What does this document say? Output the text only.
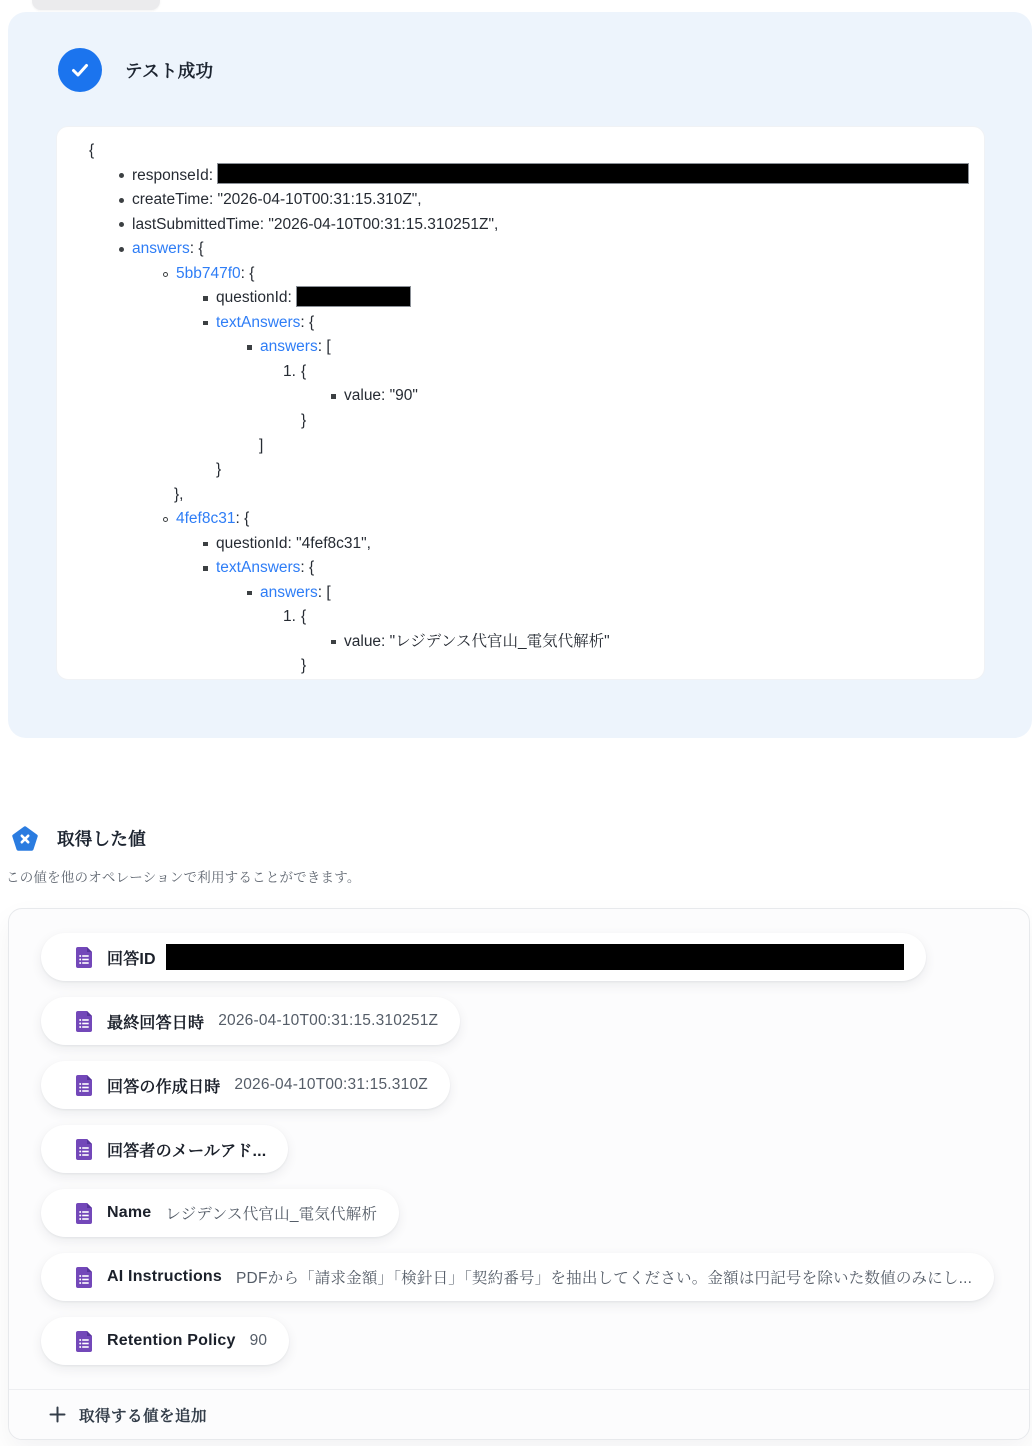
テスト成功
{
responseId:
createTime: "2026-04-10T00:31:15.310Z",
lastSubmittedTime: "2026-04-10T00:31:15.310251Z",
answers: {
5bb747f0: {
questionId:
textAnswers: {
answers: [
1. {
value: "90"
}
]
}
},
4fef8c31: {
questionId: "4fef8c31",
textAnswers: {
answers: [
1. {
value: "レジデンス代官山_電気代解析"
}
取得した値
この値を他のオペレーションで利用することができます。
回答ID
最終回答日時 2026-04-10T00:31:15.310251Z
回答の作成日時 2026-04-10T00:31:15.310Z
回答者のメールアド...
Name レジデンス代官山_電気代解析
AI Instructions PDFから「請求金額」「検針日」「契約番号」を抽出してください。金額は円記号を除いた数値のみにし...
Retention Policy 90
取得する値を追加
